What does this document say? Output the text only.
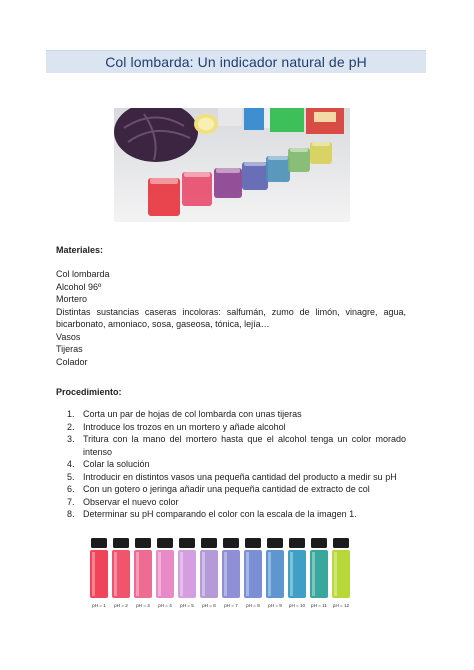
Col lombarda: Un indicador natural de pH
Materiales:
Col lombarda
Alcohol 96º
Mortero
Distintas sustancias caseras incoloras: salfumán, zumo de limón, vinagre, agua, bicarbonato, amoniaco, sosa, gaseosa, tónica, lejía…
Vasos
Tijeras
Colador
Procedimiento:
1. Corta un par de hojas de col lombarda con unas tijeras
2. Introduce los trozos en un mortero y añade alcohol
3. Tritura con la mano del mortero hasta que el alcohol tenga un color morado intenso
4. Colar la solución
5. Introducir en distintos vasos una pequeña cantidad del producto a medir su pH
6. Con un gotero o jeringa añadir una pequeña cantidad de extracto de col
7. Observar el nuevo color
8. Determinar su pH comparando el color con la escala de la imagen 1.
pH = 1 pH = 2 pH = 3 pH = 4 pH = 5 pH = 6 pH = 7 pH = 8 pH = 9 pH = 10 pH = 11 pH = 12
